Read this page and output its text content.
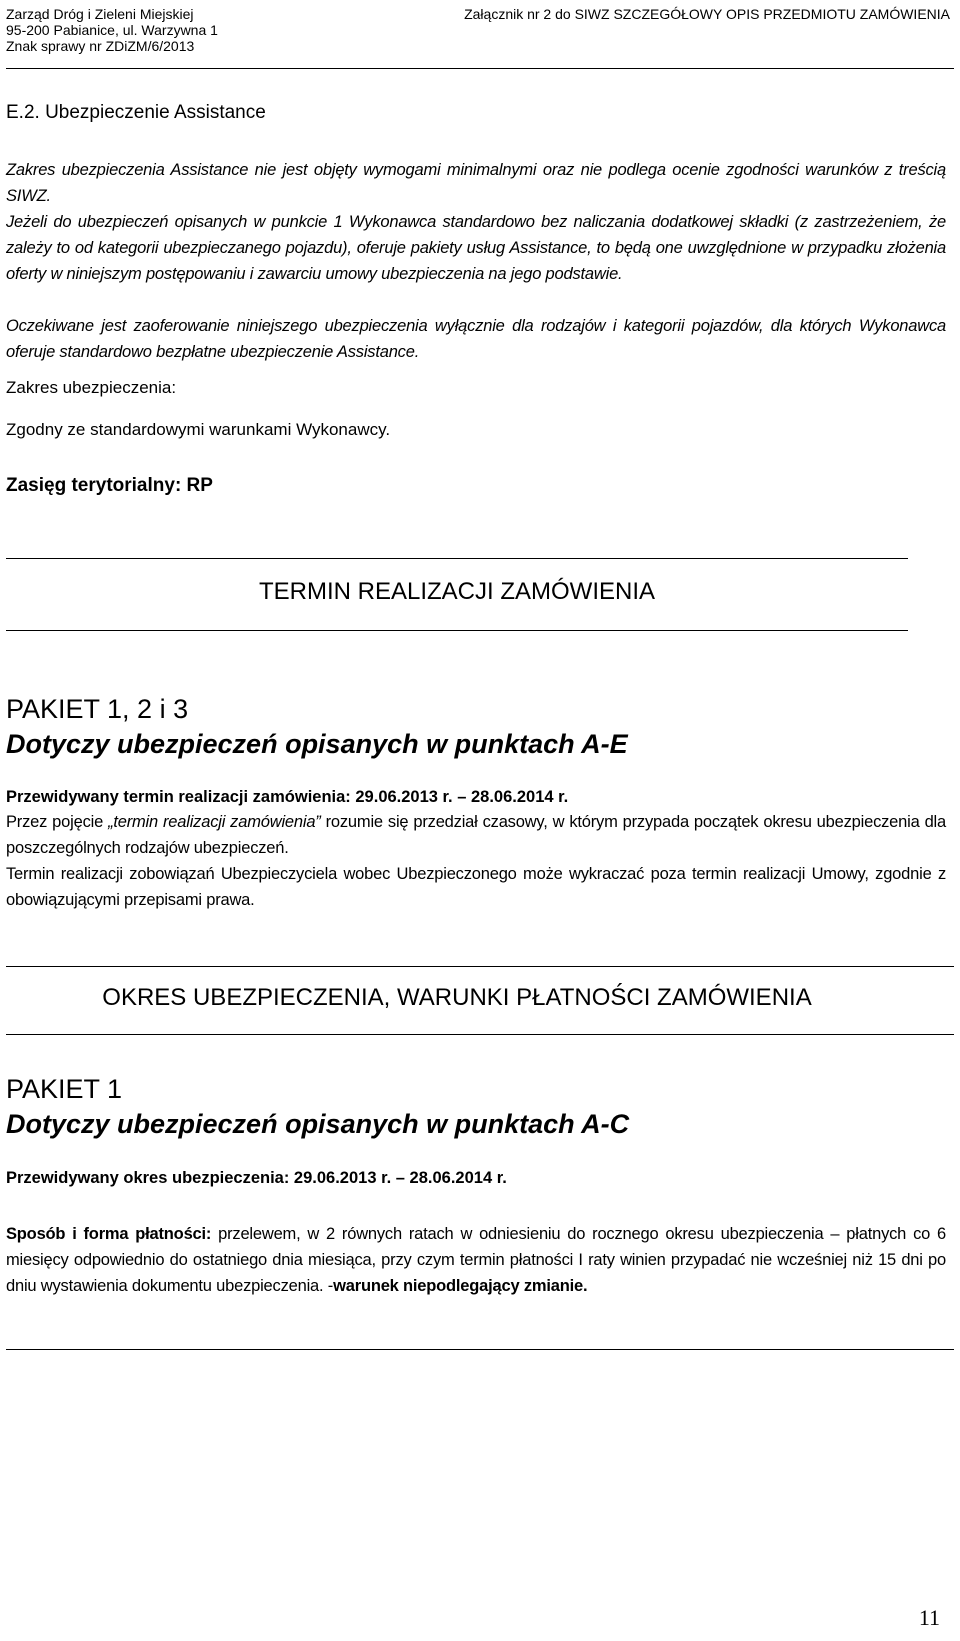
Zarząd Dróg i Zieleni Miejskiej
95-200 Pabianice, ul. Warzywna 1
Znak sprawy nr ZDiZM/6/2013
Załącznik nr 2 do SIWZ SZCZEGÓŁOWY OPIS PRZEDMIOTU ZAMÓWIENIA
E.2. Ubezpieczenie Assistance
Zakres ubezpieczenia Assistance nie jest objęty wymogami minimalnymi oraz nie podlega ocenie zgodności warunków z treścią SIWZ.
Jeżeli do ubezpieczeń opisanych w punkcie 1 Wykonawca standardowo bez naliczania dodatkowej składki (z zastrzeżeniem, że zależy to od kategorii ubezpieczanego pojazdu), oferuje pakiety usług Assistance, to będą one uwzględnione w przypadku złożenia oferty w niniejszym postępowaniu i zawarciu umowy ubezpieczenia na jego podstawie.
Oczekiwane jest zaoferowanie niniejszego ubezpieczenia wyłącznie dla rodzajów i kategorii pojazdów, dla których Wykonawca oferuje standardowo bezpłatne ubezpieczenie Assistance.
Zakres ubezpieczenia:
Zgodny ze standardowymi warunkami Wykonawcy.
Zasięg terytorialny: RP
TERMIN REALIZACJI ZAMÓWIENIA
PAKIET 1, 2 i 3
Dotyczy ubezpieczeń opisanych w punktach A-E
Przewidywany termin realizacji zamówienia: 29.06.2013 r. – 28.06.2014 r.
Przez pojęcie „termin realizacji zamówienia” rozumie się przedział czasowy, w którym przypada początek okresu ubezpieczenia dla poszczególnych rodzajów ubezpieczeń.
Termin realizacji zobowiązań Ubezpieczyciela wobec Ubezpieczonego może wykraczać poza termin realizacji Umowy, zgodnie z obowiązującymi przepisami prawa.
OKRES UBEZPIECZENIA, WARUNKI PŁATNOŚCI ZAMÓWIENIA
PAKIET 1
Dotyczy ubezpieczeń opisanych w punktach A-C
Przewidywany okres ubezpieczenia: 29.06.2013 r. – 28.06.2014 r.
Sposób i forma płatności: przelewem, w 2 równych ratach w odniesieniu do rocznego okresu ubezpieczenia – płatnych co 6 miesięcy odpowiednio do ostatniego dnia miesiąca, przy czym termin płatności I raty winien przypadać nie wcześniej niż 15 dni po dniu wystawienia dokumentu ubezpieczenia. -warunek niepodlegający zmianie.
11
